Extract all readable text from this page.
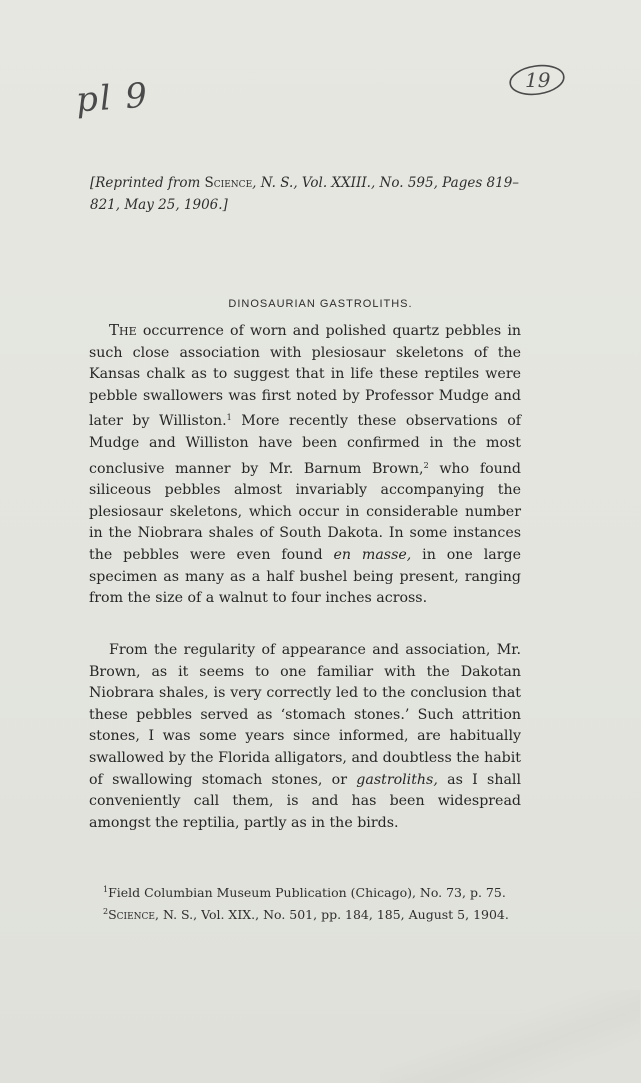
pl 9	19
[Reprinted from Science, N. S., Vol. XXIII., No. 595, Pages 819–821, May 25, 1906.]
DINOSAURIAN GASTROLITHS.

The occurrence of worn and polished quartz pebbles in such close association with plesiosaur skeletons of the Kansas chalk as to suggest that in life these reptiles were pebble swallowers was first noted by Professor Mudge and later by Williston.$^1$ More recently these observations of Mudge and Williston have been confirmed in the most conclusive manner by Mr. Barnum Brown,$^2$ who found siliceous pebbles almost invariably accompanying the plesiosaur skeletons, which occur in considerable number in the Niobrara shales of South Dakota. In some instances the pebbles were even found en masse, in one large specimen as many as a half bushel being present, ranging from the size of a walnut to four inches across.

From the regularity of appearance and association, Mr. Brown, as it seems to one familiar with the Dakotan Niobrara shales, is very correctly led to the conclusion that these pebbles served as ‘stomach stones.’ Such attrition stones, I was some years since informed, are habitually swallowed by the Florida alligators, and doubtless the habit of swallowing stomach stones, or gastroliths, as I shall conveniently call them, is and has been widespread amongst the reptilia, partly as in the birds.

$^1$Field Columbian Museum Publication (Chicago), No. 73, p. 75.

$^2$Science, N. S., Vol. XIX., No. 501, pp. 184, 185, August 5, 1904.
